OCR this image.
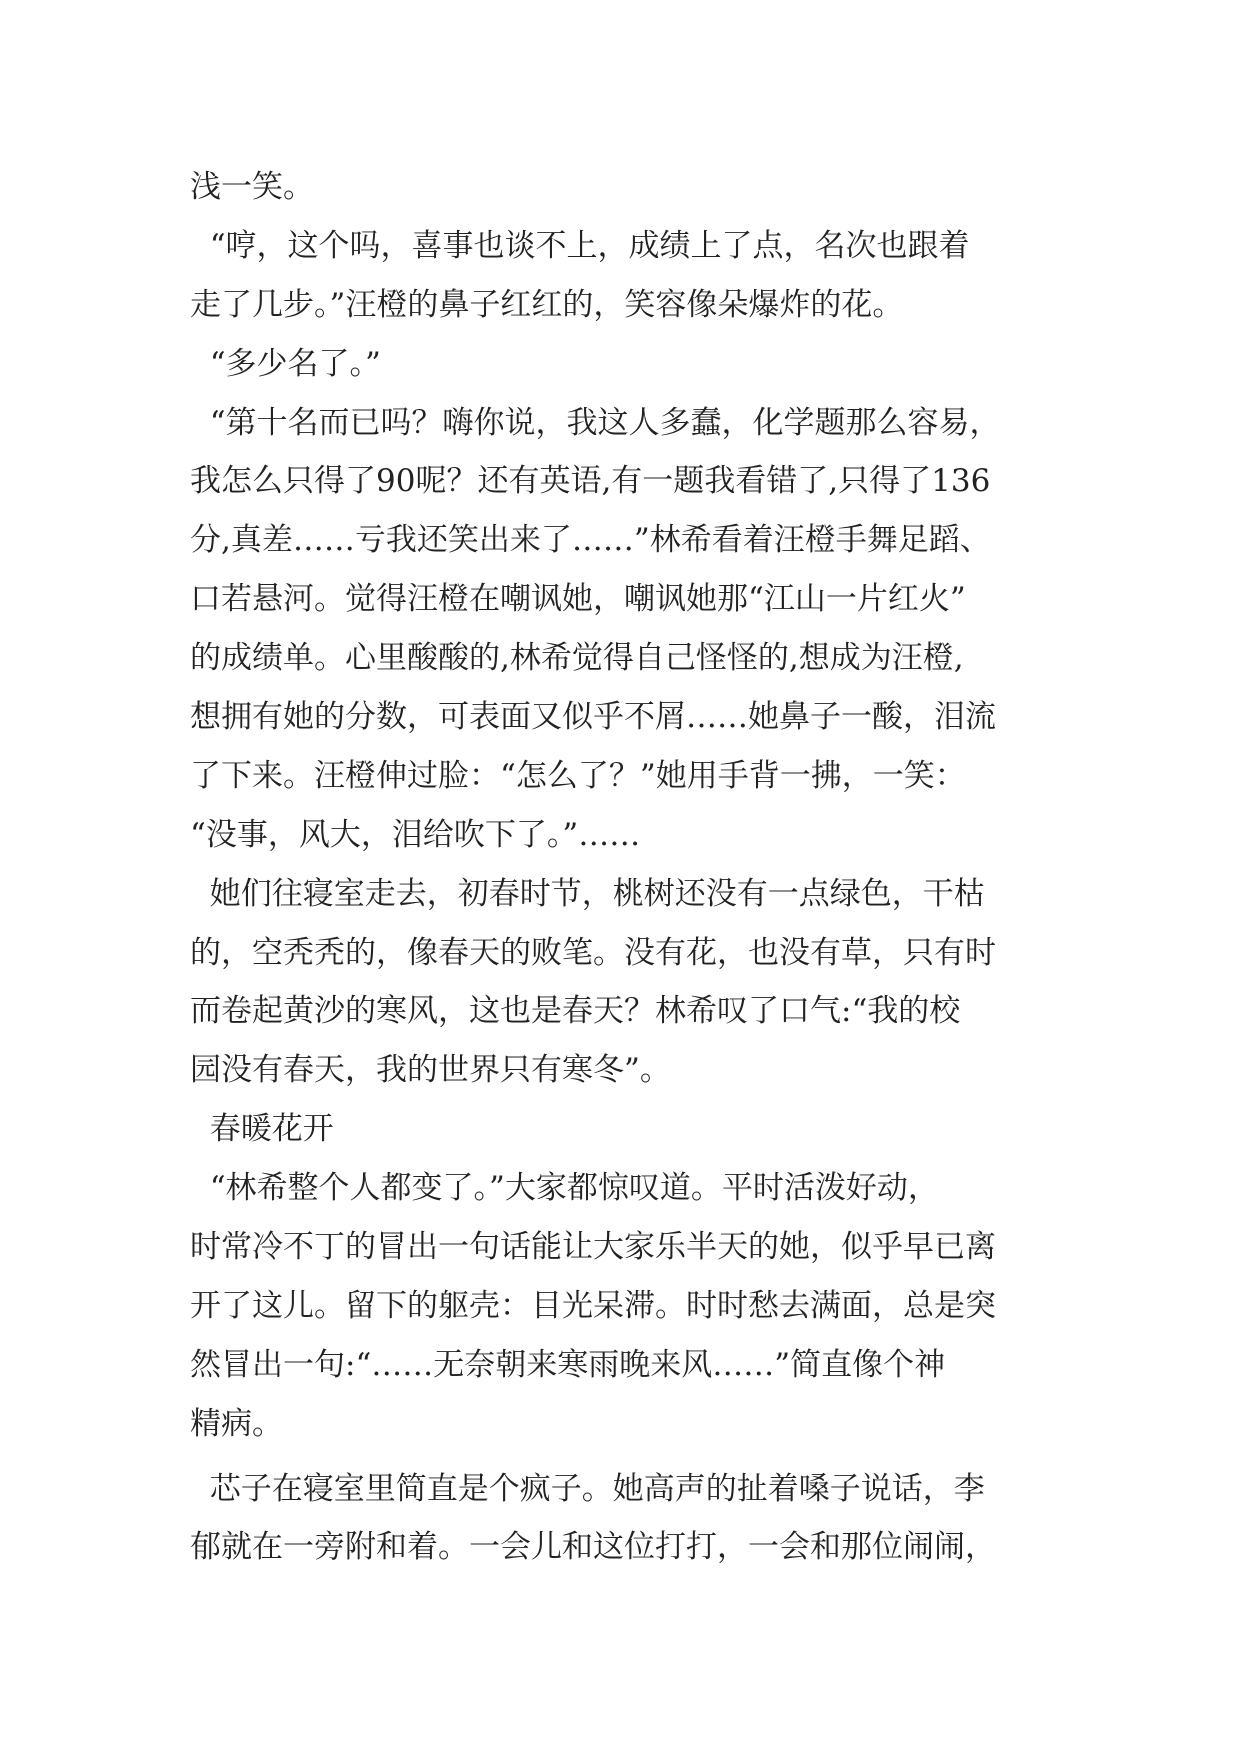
浅一笑。
“哼，这个吗，喜事也谈不上，成绩上了点，名次也跟着
走了几步。”汪橙的鼻子红红的，笑容像朵爆炸的花。
“多少名了。”
“第十名而已吗？嗨你说，我这人多蠢，化学题那么容易，
我怎么只得了90呢？还有英语,有一题我看错了,只得了136
分,真差……亏我还笑出来了……”林希看着汪橙手舞足蹈、
口若悬河。觉得汪橙在嘲讽她，嘲讽她那“江山一片红火”
的成绩单。心里酸酸的,林希觉得自己怪怪的,想成为汪橙,
想拥有她的分数，可表面又似乎不屑……她鼻子一酸，泪流
了下来。汪橙伸过脸：“怎么了？”她用手背一拂，一笑：
“没事，风大，泪给吹下了。”……
她们往寝室走去，初春时节，桃树还没有一点绿色，干枯
的，空秃秃的，像春天的败笔。没有花，也没有草，只有时
而卷起黄沙的寒风，这也是春天？林希叹了口气:“我的校
园没有春天，我的世界只有寒冬”。
春暖花开
“林希整个人都变了。”大家都惊叹道。平时活泼好动，
时常冷不丁的冒出一句话能让大家乐半天的她，似乎早已离
开了这儿。留下的躯壳：目光呆滞。时时愁去满面，总是突
然冒出一句:“……无奈朝来寒雨晚来风……”简直像个神
精病。
芯子在寝室里简直是个疯子。她高声的扯着嗓子说话，李
郁就在一旁附和着。一会儿和这位打打，一会和那位闹闹，
